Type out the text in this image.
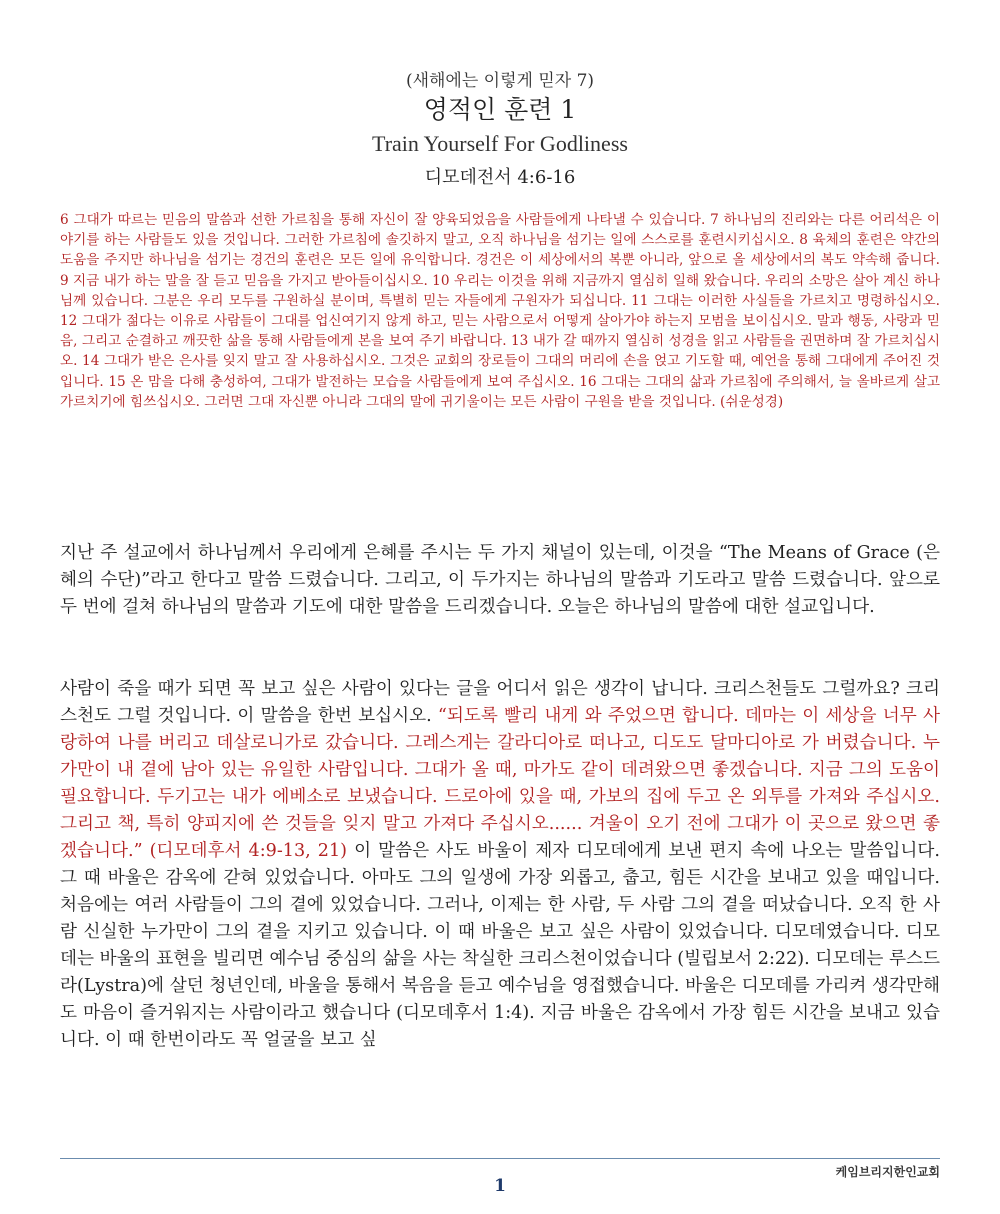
(새해에는 이렇게 믿자 7)

영적인 훈련 1

Train Yourself For Godliness

디모데전서 4:6-16

6 그대가 따르는 믿음의 말씀과 선한 가르침을 통해 자신이 잘 양육되었음을 사람들에게 나타낼 수 있습니다. 7 하나님의 진리와는 다른 어리석은 이야기를 하는 사람들도 있을 것입니다. 그러한 가르침에 솔깃하지 말고, 오직 하나님을 섬기는 일에 스스로를 훈련시키십시오. 8 육체의 훈련은 약간의 도움을 주지만 하나님을 섬기는 경건의 훈련은 모든 일에 유익합니다. 경건은 이 세상에서의 복뿐 아니라, 앞으로 올 세상에서의 복도 약속해 줍니다. 9 지금 내가 하는 말을 잘 듣고 믿음을 가지고 받아들이십시오. 10 우리는 이것을 위해 지금까지 열심히 일해 왔습니다. 우리의 소망은 살아 계신 하나님께 있습니다. 그분은 우리 모두를 구원하실 분이며, 특별히 믿는 자들에게 구원자가 되십니다. 11 그대는 이러한 사실들을 가르치고 명령하십시오. 12 그대가 젊다는 이유로 사람들이 그대를 업신여기지 않게 하고, 믿는 사람으로서 어떻게 살아가야 하는지 모범을 보이십시오. 말과 행동, 사랑과 믿음, 그리고 순결하고 깨끗한 삶을 통해 사람들에게 본을 보여 주기 바랍니다. 13 내가 갈 때까지 열심히 성경을 읽고 사람들을 권면하며 잘 가르치십시오. 14 그대가 받은 은사를 잊지 말고 잘 사용하십시오. 그것은 교회의 장로들이 그대의 머리에 손을 얹고 기도할 때, 예언을 통해 그대에게 주어진 것입니다. 15 온 맘을 다해 충성하여, 그대가 발전하는 모습을 사람들에게 보여 주십시오. 16 그대는 그대의 삶과 가르침에 주의해서, 늘 올바르게 살고 가르치기에 힘쓰십시오. 그러면 그대 자신뿐 아니라 그대의 말에 귀기울이는 모든 사람이 구원을 받을 것입니다. (쉬운성경)

지난 주 설교에서 하나님께서 우리에게 은혜를 주시는 두 가지 채널이 있는데, 이것을 “The Means of Grace (은혜의 수단)”라고 한다고 말씀 드렸습니다. 그리고, 이 두가지는 하나님의 말씀과 기도라고 말씀 드렸습니다. 앞으로 두 번에 걸쳐 하나님의 말씀과 기도에 대한 말씀을 드리겠습니다. 오늘은 하나님의 말씀에 대한 설교입니다.

사람이 죽을 때가 되면 꼭 보고 싶은 사람이 있다는 글을 어디서 읽은 생각이 납니다. 크리스천들도 그럴까요? 크리스천도 그럴 것입니다. 이 말씀을 한번 보십시오. “되도록 빨리 내게 와 주었으면 합니다. 데마는 이 세상을 너무 사랑하여 나를 버리고 데살로니가로 갔습니다. 그레스게는 갈라디아로 떠나고, 디도도 달마디아로 가 버렸습니다. 누가만이 내 곁에 남아 있는 유일한 사람입니다. 그대가 올 때, 마가도 같이 데려왔으면 좋겠습니다. 지금 그의 도움이 필요합니다. 두기고는 내가 에베소로 보냈습니다. 드로아에 있을 때, 가보의 집에 두고 온 외투를 가져와 주십시오. 그리고 책, 특히 양피지에 쓴 것들을 잊지 말고 가져다 주십시오...... 겨울이 오기 전에 그대가 이 곳으로 왔으면 좋겠습니다.” (디모데후서 4:9-13, 21) 이 말씀은 사도 바울이 제자 디모데에게 보낸 편지 속에 나오는 말씀입니다. 그 때 바울은 감옥에 갇혀 있었습니다. 아마도 그의 일생에 가장 외롭고, 춥고, 힘든 시간을 보내고 있을 때입니다. 처음에는 여러 사람들이 그의 곁에 있었습니다. 그러나, 이제는 한 사람, 두 사람 그의 곁을 떠났습니다. 오직 한 사람 신실한 누가만이 그의 곁을 지키고 있습니다. 이 때 바울은 보고 싶은 사람이 있었습니다. 디모데였습니다. 디모데는 바울의 표현을 빌리면 예수님 중심의 삶을 사는 착실한 크리스천이었습니다 (빌립보서 2:22). 디모데는 루스드라(Lystra)에 살던 청년인데, 바울을 통해서 복음을 듣고 예수님을 영접했습니다. 바울은 디모데를 가리켜 생각만해도 마음이 즐거워지는 사람이라고 했습니다 (디모데후서 1:4). 지금 바울은 감옥에서 가장 힘든 시간을 보내고 있습니다. 이 때 한번이라도 꼭 얼굴을 보고 싶

케임브리지한인교회
1
